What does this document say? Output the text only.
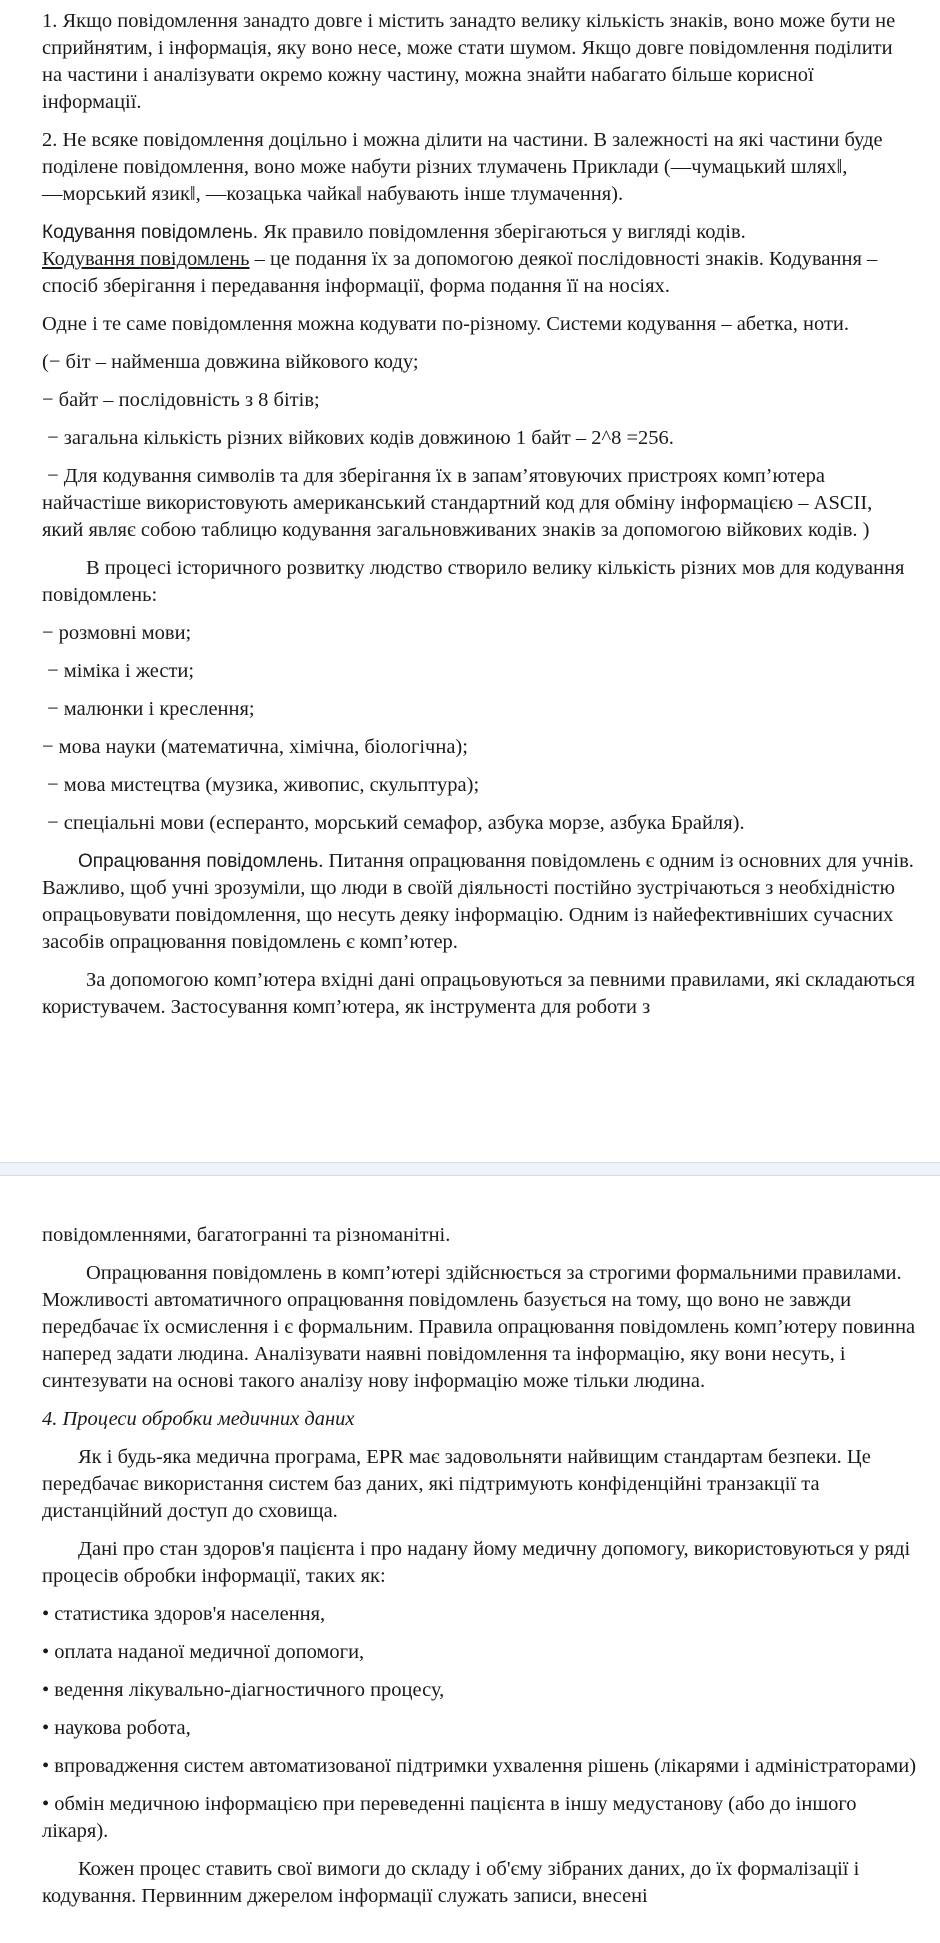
1. Якщо повідомлення занадто довге і містить занадто велику кількість знаків, воно може бути не сприйнятим, і інформація, яку воно несе, може стати шумом. Якщо довге повідомлення поділити на частини і аналізувати окремо кожну частину, можна знайти набагато більше корисної інформації.

2. Не всяке повідомлення доцільно і можна ділити на частини. В залежності на які частини буде поділене повідомлення, воно може набути різних тлумачень Приклади (―чумацький шлях‖, ―морський язик‖, ―козацька чайка‖ набувають інше тлумачення).

Кодування повідомлень. Як правило повідомлення зберігаються у вигляді кодів.
Кодування повідомлень – це подання їх за допомогою деякої послідовності знаків. Кодування – спосіб зберігання і передавання інформації, форма подання її на носіях.

Одне і те саме повідомлення можна кодувати по-різному. Системи кодування – абетка, ноти.

(− біт – найменша довжина війкового коду;

− байт – послідовність з 8 бітів;

− загальна кількість різних війкових кодів довжиною 1 байт – 2^8 =256.

− Для кодування символів та для зберігання їх в запам’ятовуючих пристроях комп’ютера найчастіше використовують американський стандартний код для обміну інформацією – ASCII, який являє собою таблицю кодування загальновживаних знаків за допомогою війкових кодів. )

В процесі історичного розвитку людство створило велику кількість різних мов для кодування повідомлень:

− розмовні мови;

− міміка і жести;

− малюнки і креслення;

− мова науки (математична, хімічна, біологічна);

− мова мистецтва (музика, живопис, скульптура);

− спеціальні мови (есперанто, морський семафор, азбука морзе, азбука Брайля).

Опрацювання повідомлень. Питання опрацювання повідомлень є одним із основних для учнів. Важливо, щоб учні зрозуміли, що люди в своїй діяльності постійно зустрічаються з необхідністю опрацьовувати повідомлення, що несуть деяку інформацію. Одним із найефективніших сучасних засобів опрацювання повідомлень є комп’ютер.

За допомогою комп’ютера вхідні дані опрацьовуються за певними правилами, які складаються користувачем. Застосування комп’ютера, як інструмента для роботи з

повідомленнями, багатогранні та різноманітні.

Опрацювання повідомлень в комп’ютері здійснюється за строгими формальними правилами. Можливості автоматичного опрацювання повідомлень базується на тому, що воно не завжди передбачає їх осмислення і є формальним. Правила опрацювання повідомлень комп’ютеру повинна наперед задати людина. Аналізувати наявні повідомлення та інформацію, яку вони несуть, і синтезувати на основі такого аналізу нову інформацію може тільки людина.

4. Процеси обробки медичних даних

Як і будь-яка медична програма, EPR має задовольняти найвищим стандартам безпеки. Це передбачає використання систем баз даних, які підтримують конфіденційні транзакції та дистанційний доступ до сховища.

Дані про стан здоров'я пацієнта і про надану йому медичну допомогу, використовуються у ряді процесів обробки інформації, таких як:

• статистика здоров'я населення,

• оплата наданої медичної допомоги,

• ведення лікувально-діагностичного процесу,

• наукова робота,

• впровадження систем автоматизованої підтримки ухвалення рішень (лікарями і адміністраторами)

• обмін медичною інформацією при переведенні пацієнта в іншу медустанову (або до іншого лікаря).

Кожен процес ставить свої вимоги до складу і об'єму зібраних даних, до їх формалізації і кодування. Первинним джерелом інформації служать записи, внесені
